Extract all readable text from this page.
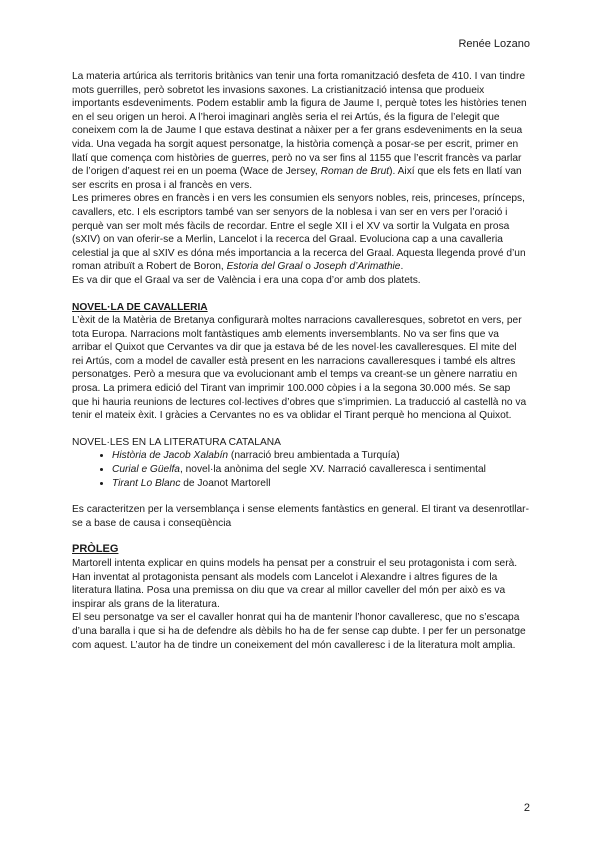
Renée Lozano

La materia artúrica als territoris britànics van tenir una forta romanització desfeta de 410. I van tindre mots guerrilles, però sobretot les invasions saxones. La cristianització intensa que produeix importants esdeveniments. Podem establir amb la figura de Jaume I, perquè totes les històries tenen en el seu origen un heroi. A l’heroi imaginari anglès seria el rei Artús, és la figura de l’elegit que coneixem com la de Jaume I que estava destinat a nàixer per a fer grans esdeveniments en la seua vida. Una vegada ha sorgit aquest personatge, la història començà a posar-se per escrit, primer en llatí que comença com històries de guerres, però no va ser fins al 1155 que l’escrit francès va parlar de l’origen d’aquest rei en un poema (Wace de Jersey, Roman de Brut). Així que els fets en llatí van ser escrits en prosa i al francès en vers.

Les primeres obres en francès i en vers les consumien els senyors nobles, reis, princeses, prínceps, cavallers, etc. I els escriptors també van ser senyors de la noblesa i van ser en vers per l’oració i perquè van ser molt més fàcils de recordar. Entre el segle XII i el XV va sortir la Vulgata en prosa (sXIV) on van oferir-se a Merlin, Lancelot i la recerca del Graal. Evoluciona cap a una cavalleria celestial ja que al sXIV es dóna més importancia a la recerca del Graal. Aquesta llegenda prové d’un roman atribuït a Robert de Boron, Estoria del Graal o Joseph d’Arimathie.

Es va dir que el Graal va ser de València i era una copa d’or amb dos platets.

NOVEL·LA DE CAVALLERIA

L’èxit de la Matèria de Bretanya configurarà moltes narracions cavalleresques, sobretot en vers, per tota Europa. Narracions molt fantàstiques amb elements inversemblants. No va ser fins que va arribar el Quixot que Cervantes va dir que ja estava bé de les novel·les cavalleresques. El mite del rei Artús, com a model de cavaller està present en les narracions cavalleresques i també els altres personatges. Però a mesura que va evolucionant amb el temps va creant-se un gènere narratiu en prosa. La primera edició del Tirant van imprimir 100.000 còpies i a la segona 30.000 més. Se sap que hi hauria reunions de lectures col·lectives d’obres que s’imprimien. La traducció al castellà no va tenir el mateix èxit. I gràcies a Cervantes no es va oblidar el Tirant perquè ho menciona al Quixot.

NOVEL·LES EN LA LITERATURA CATALANA

• Història de Jacob Xalabín (narració breu ambientada a Turquía)
• Curial e Güelfa, novel·la anònima del segle XV. Narració cavalleresca i sentimental
• Tirant Lo Blanc de Joanot Martorell

Es caracteritzen per la versemblança i sense elements fantàstics en general. El tirant va desenrotllar-se a base de causa i conseqüència

PRÒLEG

Martorell intenta explicar en quins models ha pensat per a construir el seu protagonista i com serà. Han inventat al protagonista pensant als models com Lancelot i Alexandre i altres figures de la literatura llatina. Posa una premissa on diu que va crear al millor caveller del món per això es va inspirar als grans de la literatura.

El seu personatge va ser el cavaller honrat qui ha de mantenir l’honor cavalleresc, que no s’escapa d’una baralla i que si ha de defendre als dèbils ho ha de fer sense cap dubte. I per fer un personatge com aquest. L’autor ha de tindre un coneixement del món cavalleresc i de la literatura molt amplia.

2
